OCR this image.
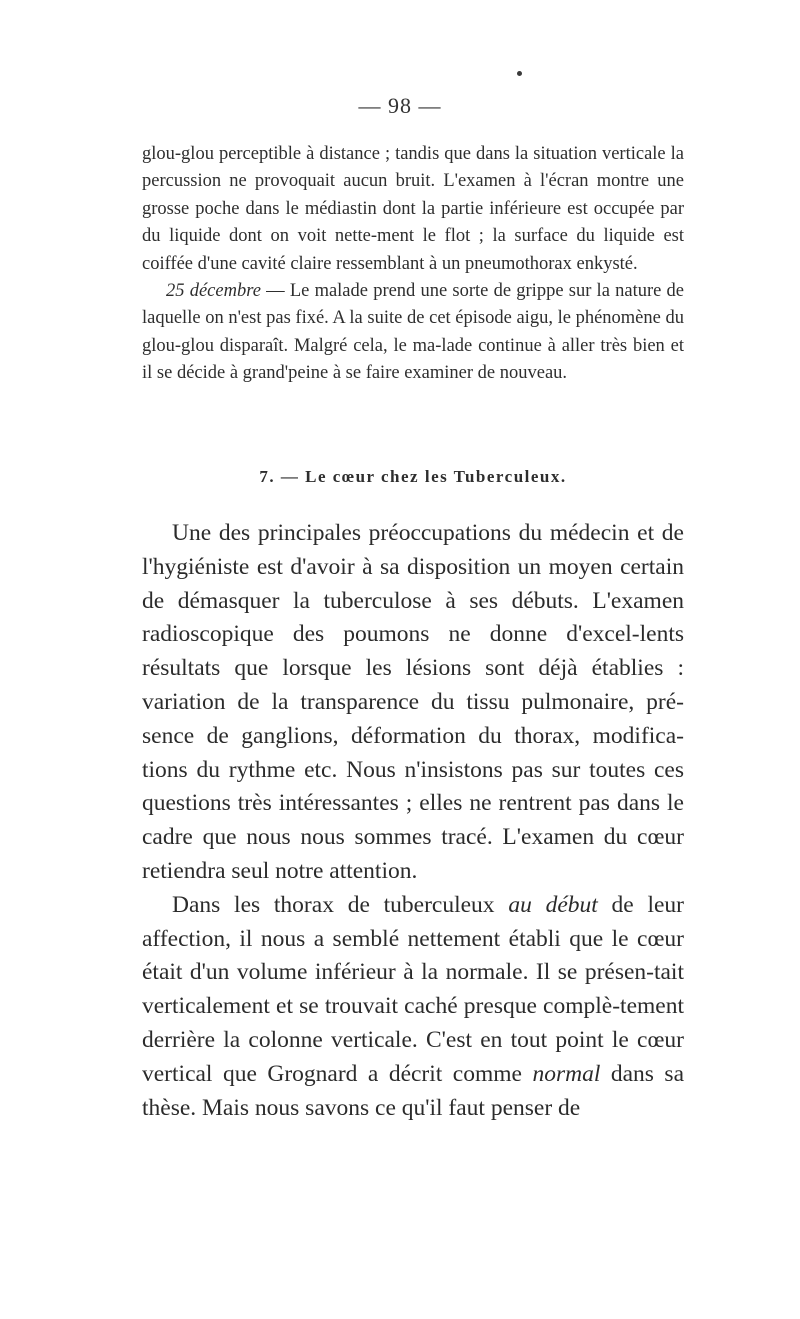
— 98 —

glou-glou perceptible à distance ; tandis que dans la situation verticale la percussion ne provoquait aucun bruit. L'examen à l'écran montre une grosse poche dans le médiastin dont la partie inférieure est occupée par du liquide dont on voit nette-ment le flot ; la surface du liquide est coiffée d'une cavité claire ressemblant à un pneumothorax enkysté.

25 décembre — Le malade prend une sorte de grippe sur la nature de laquelle on n'est pas fixé. A la suite de cet épisode aigu, le phénomène du glou-glou disparaît. Malgré cela, le ma-lade continue à aller très bien et il se décide à grand'peine à se faire examiner de nouveau.

7. — Le cœur chez les Tuberculeux.

Une des principales préoccupations du médecin et de l'hygiéniste est d'avoir à sa disposition un moyen certain de démasquer la tuberculose à ses débuts. L'examen radioscopique des poumons ne donne d'excel-lents résultats que lorsque les lésions sont déjà établies : variation de la transparence du tissu pulmonaire, pré-sence de ganglions, déformation du thorax, modifica-tions du rythme etc. Nous n'insistons pas sur toutes ces questions très intéressantes ; elles ne rentrent pas dans le cadre que nous nous sommes tracé. L'examen du cœur retiendra seul notre attention.

Dans les thorax de tuberculeux au début de leur affection, il nous a semblé nettement établi que le cœur était d'un volume inférieur à la normale. Il se présen-tait verticalement et se trouvait caché presque complè-tement derrière la colonne verticale. C'est en tout point le cœur vertical que Grognard a décrit comme normal dans sa thèse. Mais nous savons ce qu'il faut penser de
